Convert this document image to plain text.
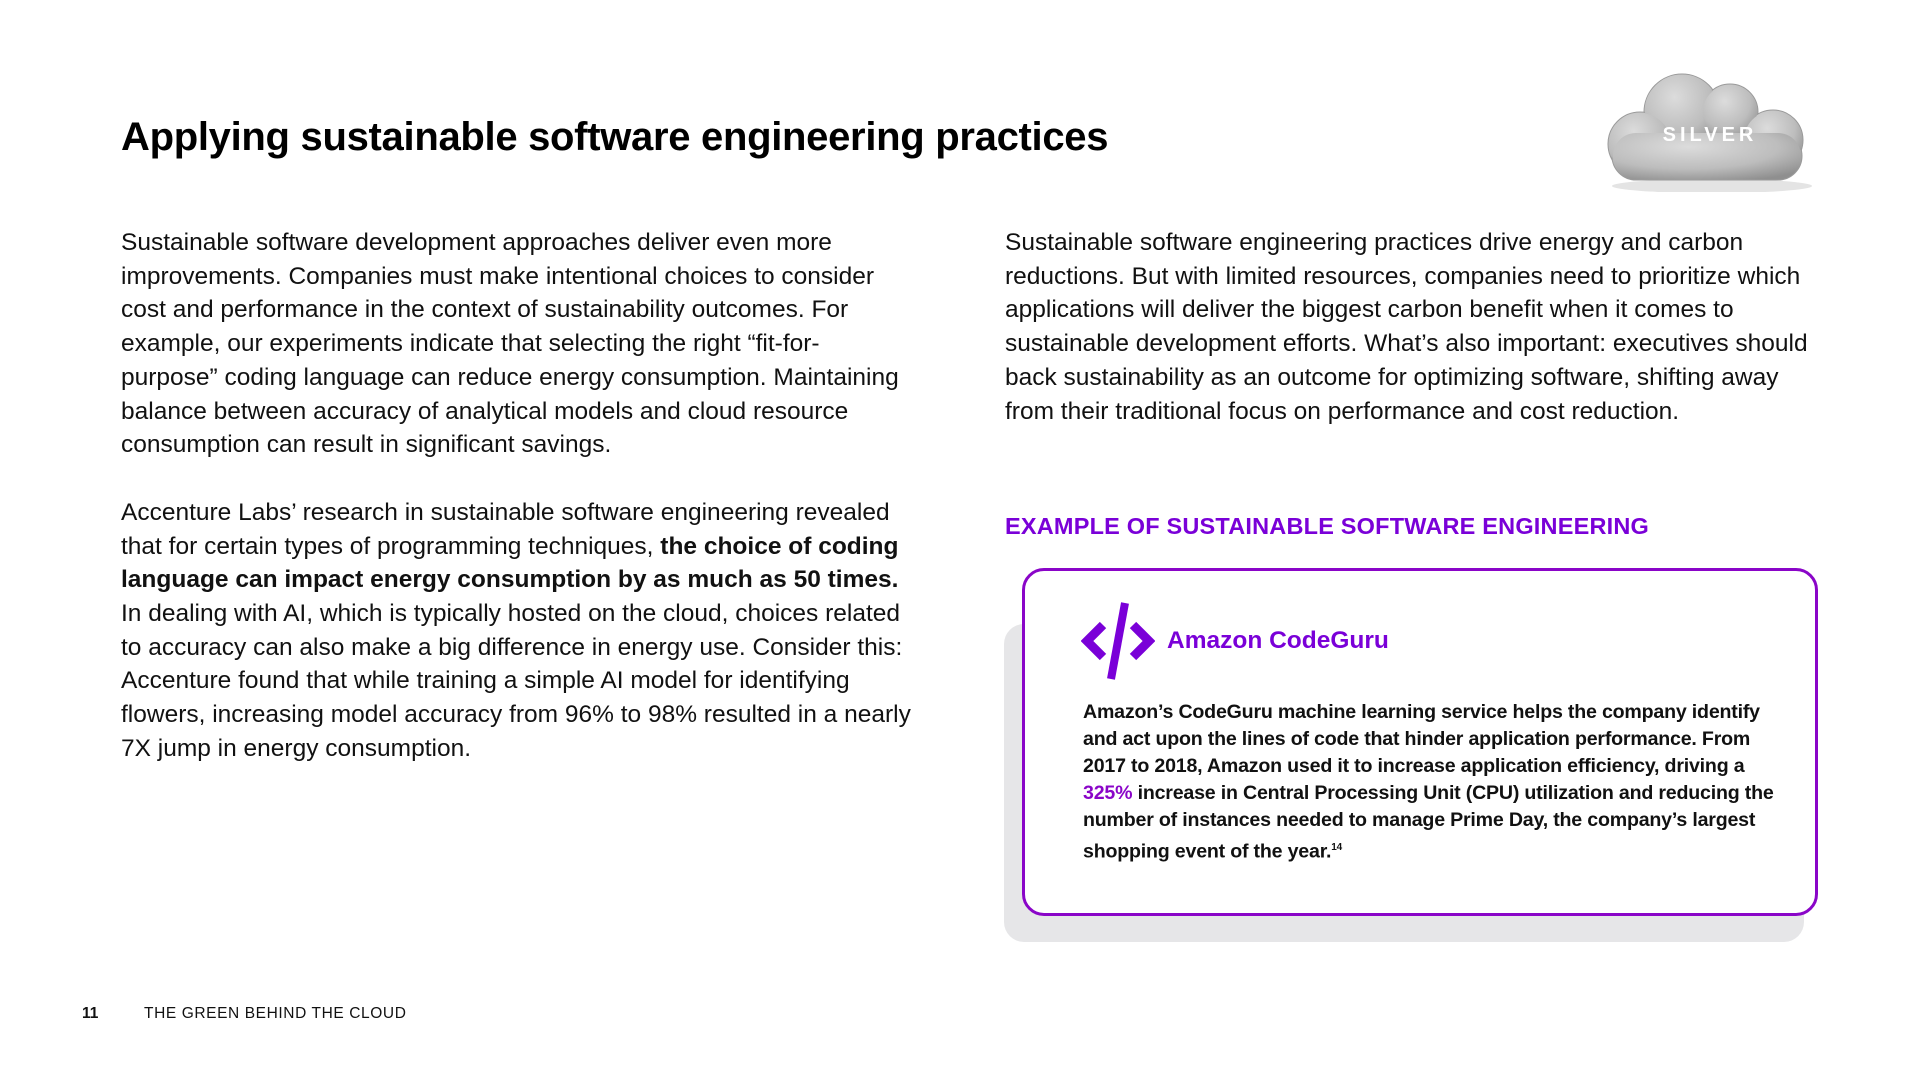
Applying sustainable software engineering practices	SILVER

Sustainable software development approaches deliver even more improvements. Companies must make intentional choices to consider cost and performance in the context of sustainability outcomes. For example, our experiments indicate that selecting the right “fit-for-purpose” coding language can reduce energy consumption. Maintaining balance between accuracy of analytical models and cloud resource consumption can result in significant savings.

Accenture Labs’ research in sustainable software engineering revealed that for certain types of programming techniques, the choice of coding language can impact energy consumption by as much as 50 times. In dealing with AI, which is typically hosted on the cloud, choices related to accuracy can also make a big difference in energy use. Consider this: Accenture found that while training a simple AI model for identifying flowers, increasing model accuracy from 96% to 98% resulted in a nearly 7X jump in energy consumption.

Sustainable software engineering practices drive energy and carbon reductions. But with limited resources, companies need to prioritize which applications will deliver the biggest carbon benefit when it comes to sustainable development efforts. What’s also important: executives should back sustainability as an outcome for optimizing software, shifting away from their traditional focus on performance and cost reduction.

EXAMPLE OF SUSTAINABLE SOFTWARE ENGINEERING
Amazon CodeGuru

Amazon’s CodeGuru machine learning service helps the company identify and act upon the lines of code that hinder application performance. From 2017 to 2018, Amazon used it to increase application efficiency, driving a 325% increase in Central Processing Unit (CPU) utilization and reducing the number of instances needed to manage Prime Day, the company’s largest shopping event of the year.$^{14}$

11	THE GREEN BEHIND THE CLOUD
